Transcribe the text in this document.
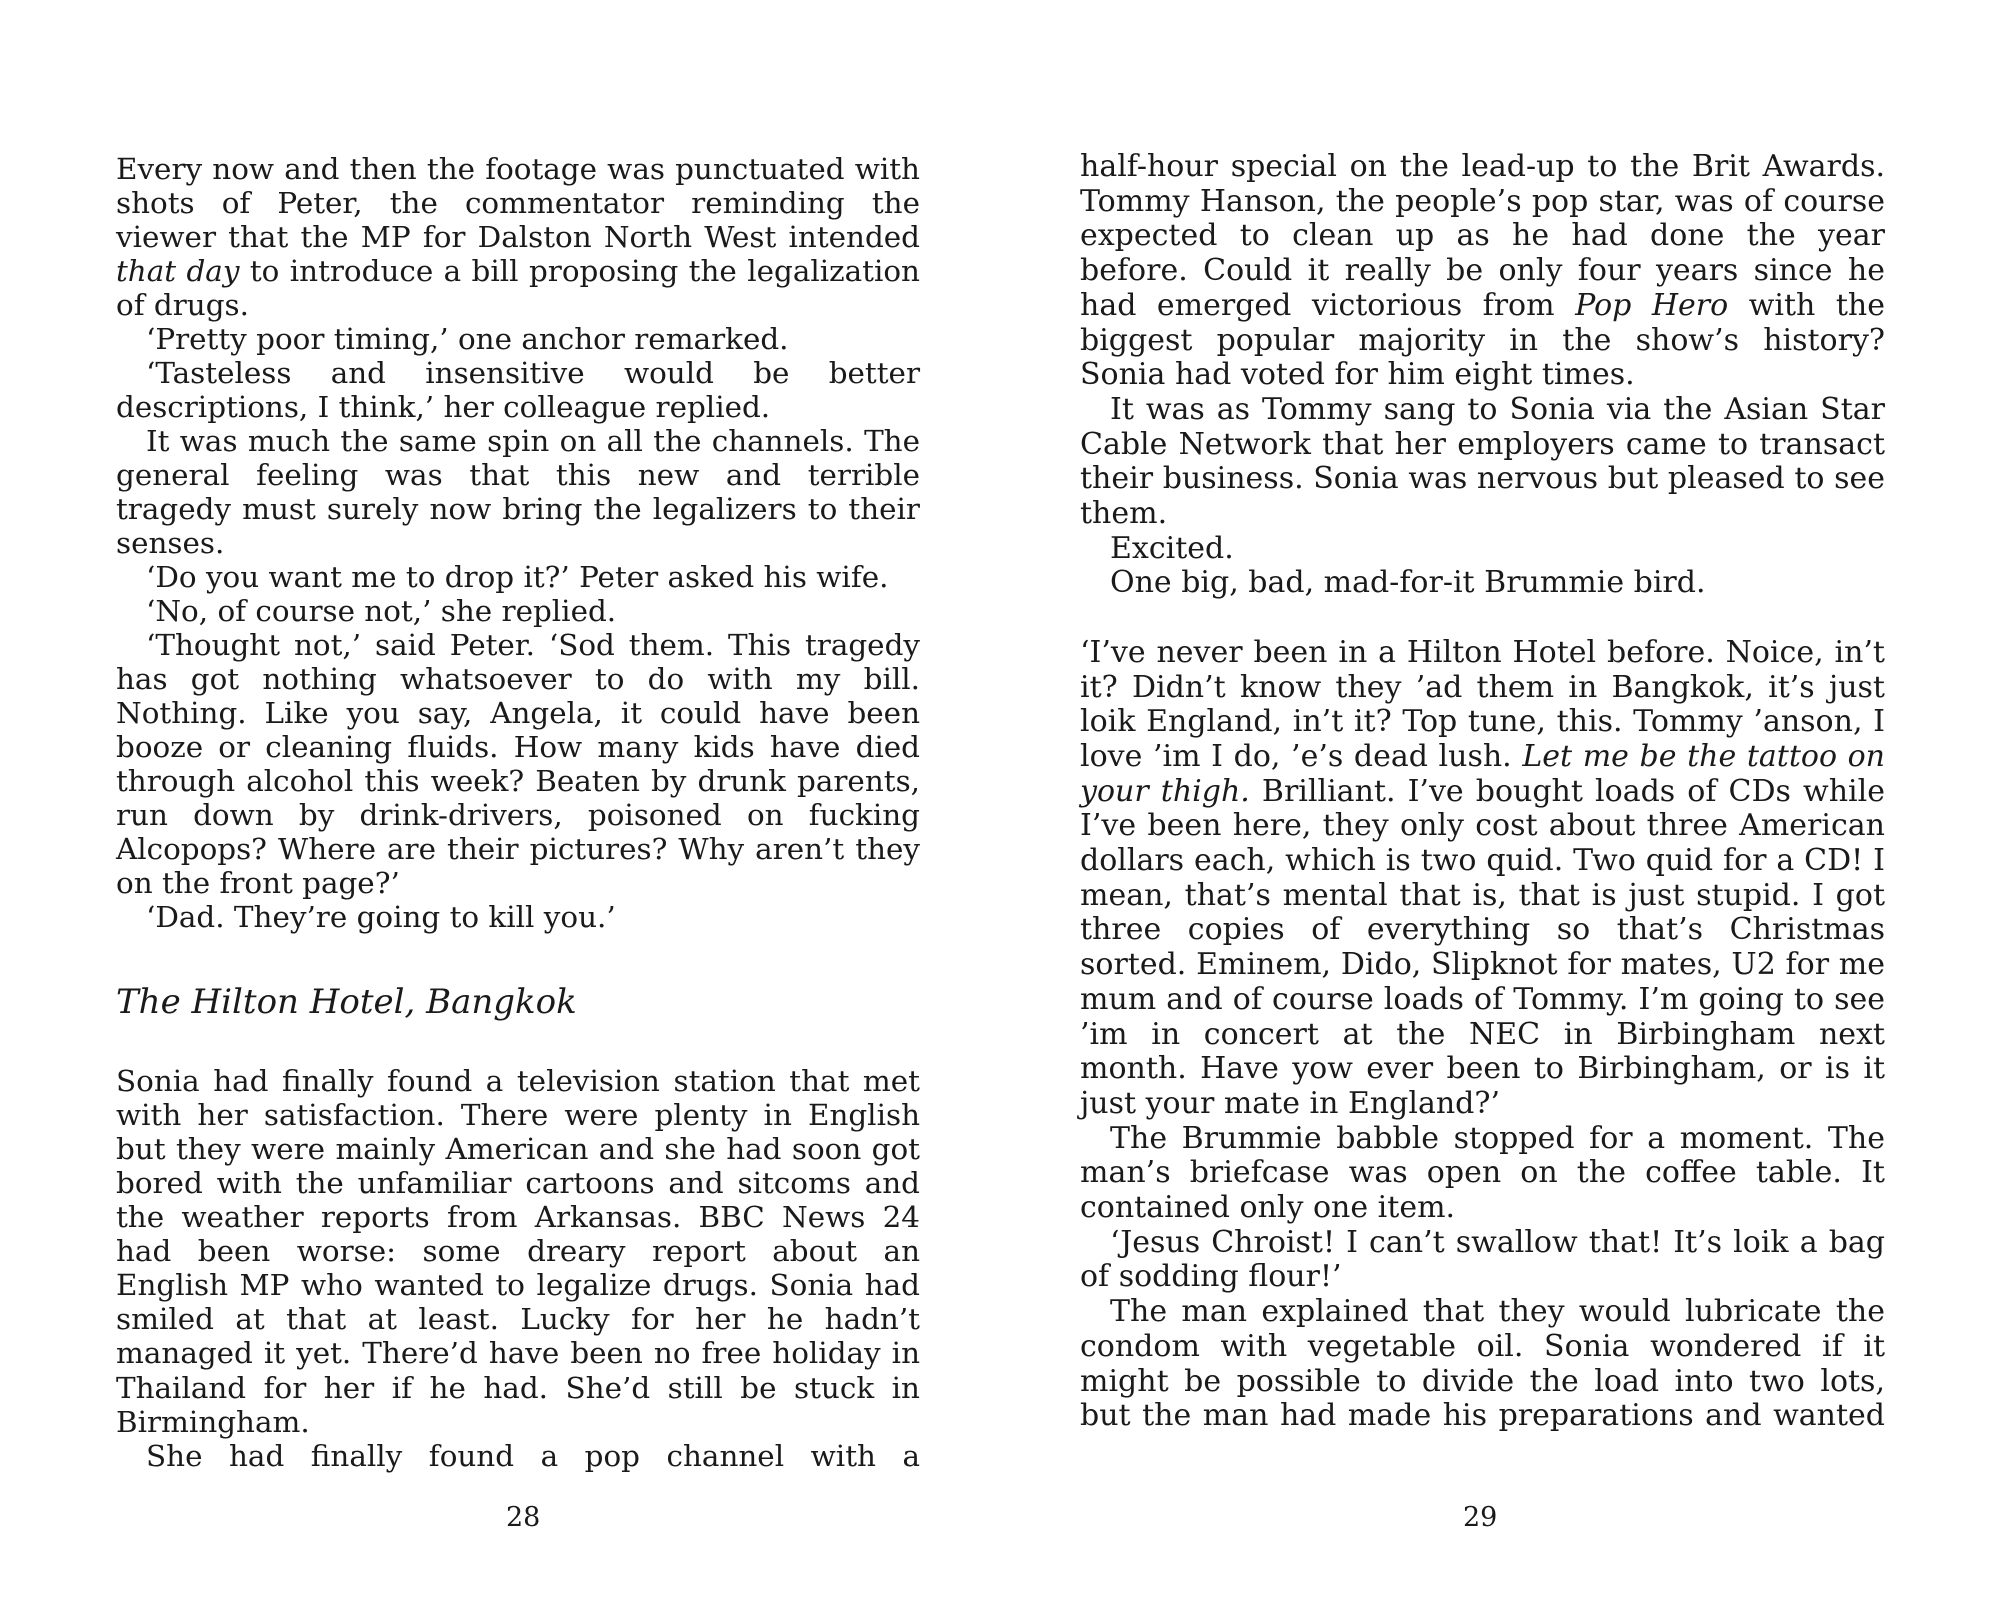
Every now and then the footage was punctuated with shots of Peter, the commentator reminding the viewer that the MP for Dalston North West intended that day to introduce a bill proposing the legalization of drugs.

‘Pretty poor timing,’ one anchor remarked.

‘Tasteless and insensitive would be better descriptions, I think,’ her colleague replied.

It was much the same spin on all the channels. The general feeling was that this new and terrible tragedy must surely now bring the legalizers to their senses.

‘Do you want me to drop it?’ Peter asked his wife.

‘No, of course not,’ she replied.

‘Thought not,’ said Peter. ‘Sod them. This tragedy has got nothing whatsoever to do with my bill. Nothing. Like you say, Angela, it could have been booze or cleaning fluids. How many kids have died through alcohol this week? Beaten by drunk parents, run down by drink-drivers, poisoned on fucking Alcopops? Where are their pictures? Why aren’t they on the front page?’

‘Dad. They’re going to kill you.’

The Hilton Hotel, Bangkok

Sonia had finally found a television station that met with her satisfaction. There were plenty in English but they were mainly American and she had soon got bored with the unfamiliar cartoons and sitcoms and the weather reports from Arkansas. BBC News 24 had been worse: some dreary report about an English MP who wanted to legalize drugs. Sonia had smiled at that at least. Lucky for her he hadn’t managed it yet. There’d have been no free holiday in Thailand for her if he had. She’d still be stuck in Birmingham.

She had finally found a pop channel with a

28

half-hour special on the lead-up to the Brit Awards. Tommy Hanson, the people’s pop star, was of course expected to clean up as he had done the year before. Could it really be only four years since he had emerged victorious from Pop Hero with the biggest popular majority in the show’s history? Sonia had voted for him eight times.

It was as Tommy sang to Sonia via the Asian Star Cable Network that her employers came to transact their business. Sonia was nervous but pleased to see them.

Excited.

One big, bad, mad-for-it Brummie bird.

‘I’ve never been in a Hilton Hotel before. Noice, in’t it? Didn’t know they ’ad them in Bangkok, it’s just loik England, in’t it? Top tune, this. Tommy ’anson, I love ’im I do, ’e’s dead lush. Let me be the tattoo on your thigh. Brilliant. I’ve bought loads of CDs while I’ve been here, they only cost about three American dollars each, which is two quid. Two quid for a CD! I mean, that’s mental that is, that is just stupid. I got three copies of everything so that’s Christmas sorted. Eminem, Dido, Slipknot for mates, U2 for me mum and of course loads of Tommy. I’m going to see ’im in concert at the NEC in Birbingham next month. Have yow ever been to Birbingham, or is it just your mate in England?’

The Brummie babble stopped for a moment. The man’s briefcase was open on the coffee table. It contained only one item.

‘Jesus Chroist! I can’t swallow that! It’s loik a bag of sodding flour!’

The man explained that they would lubricate the condom with vegetable oil. Sonia wondered if it might be possible to divide the load into two lots, but the man had made his preparations and wanted

29
